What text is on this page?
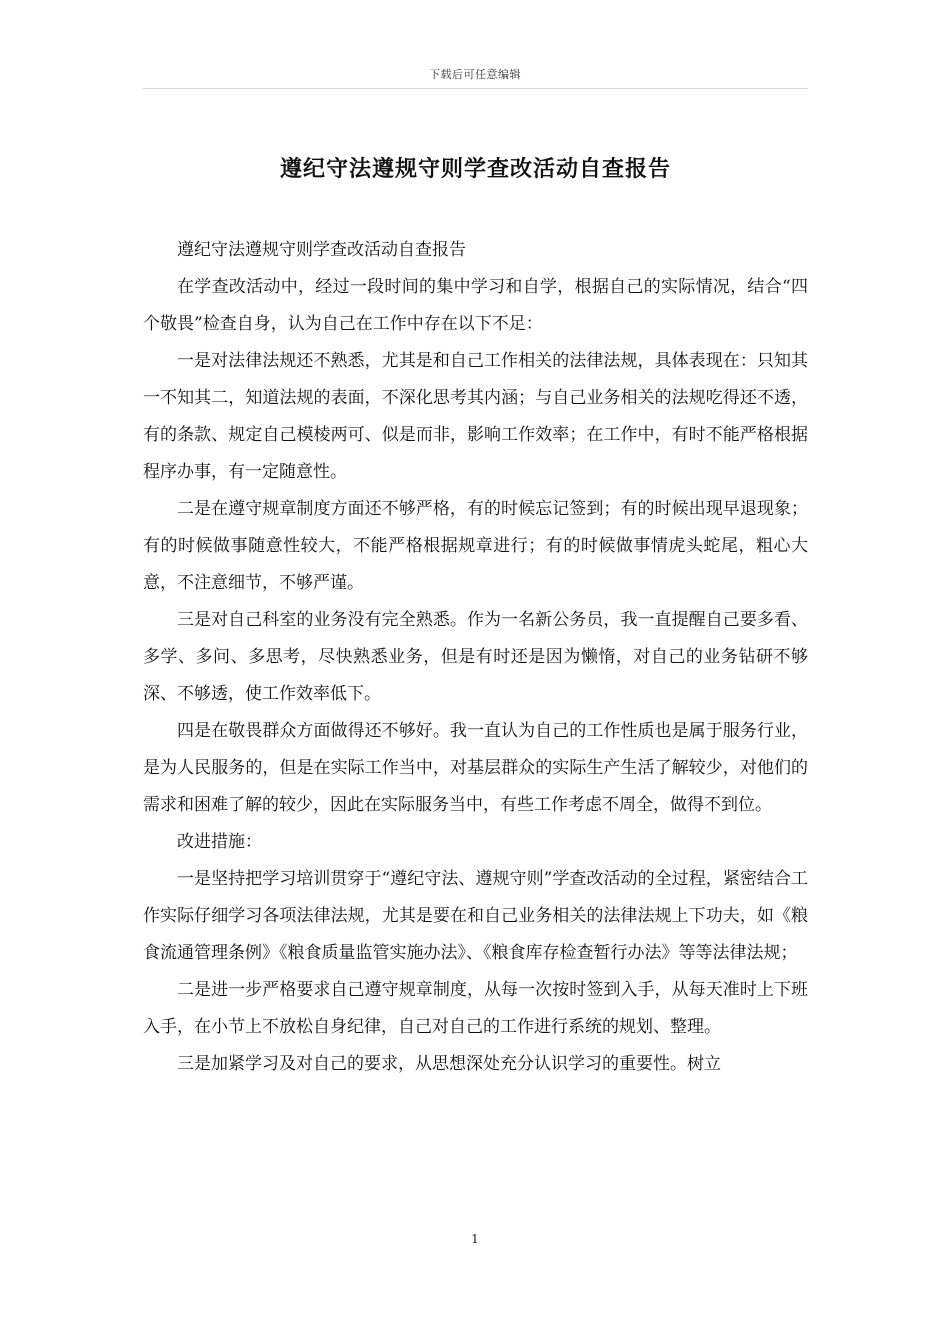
下载后可任意编辑
遵纪守法遵规守则学查改活动自查报告

遵纪守法遵规守则学查改活动自查报告

在学查改活动中，经过一段时间的集中学习和自学，根据自己的实际情况，结合“四个敬畏”检查自身，认为自己在工作中存在以下不足：

一是对法律法规还不熟悉，尤其是和自己工作相关的法律法规，具体表现在：只知其一不知其二，知道法规的表面，不深化思考其内涵；与自己业务相关的法规吃得还不透，有的条款、规定自己模棱两可、似是而非，影响工作效率；在工作中，有时不能严格根据程序办事，有一定随意性。

二是在遵守规章制度方面还不够严格，有的时候忘记签到；有的时候出现早退现象；有的时候做事随意性较大，不能严格根据规章进行；有的时候做事情虎头蛇尾，粗心大意，不注意细节，不够严谨。

三是对自己科室的业务没有完全熟悉。作为一名新公务员，我一直提醒自己要多看、多学、多问、多思考，尽快熟悉业务，但是有时还是因为懒惰，对自己的业务钻研不够深、不够透，使工作效率低下。

四是在敬畏群众方面做得还不够好。我一直认为自己的工作性质也是属于服务行业，是为人民服务的，但是在实际工作当中，对基层群众的实际生产生活了解较少，对他们的需求和困难了解的较少，因此在实际服务当中，有些工作考虑不周全，做得不到位。

改进措施：

一是坚持把学习培训贯穿于“遵纪守法、遵规守则”学查改活动的全过程，紧密结合工作实际仔细学习各项法律法规，尤其是要在和自己业务相关的法律法规上下功夫，如《粮食流通管理条例》《粮食质量监管实施办法》、《粮食库存检查暂行办法》等等法律法规；

二是进一步严格要求自己遵守规章制度，从每一次按时签到入手，从每天准时上下班入手，在小节上不放松自身纪律，自己对自己的工作进行系统的规划、整理。

三是加紧学习及对自己的要求，从思想深处充分认识学习的重要性。树立

1
